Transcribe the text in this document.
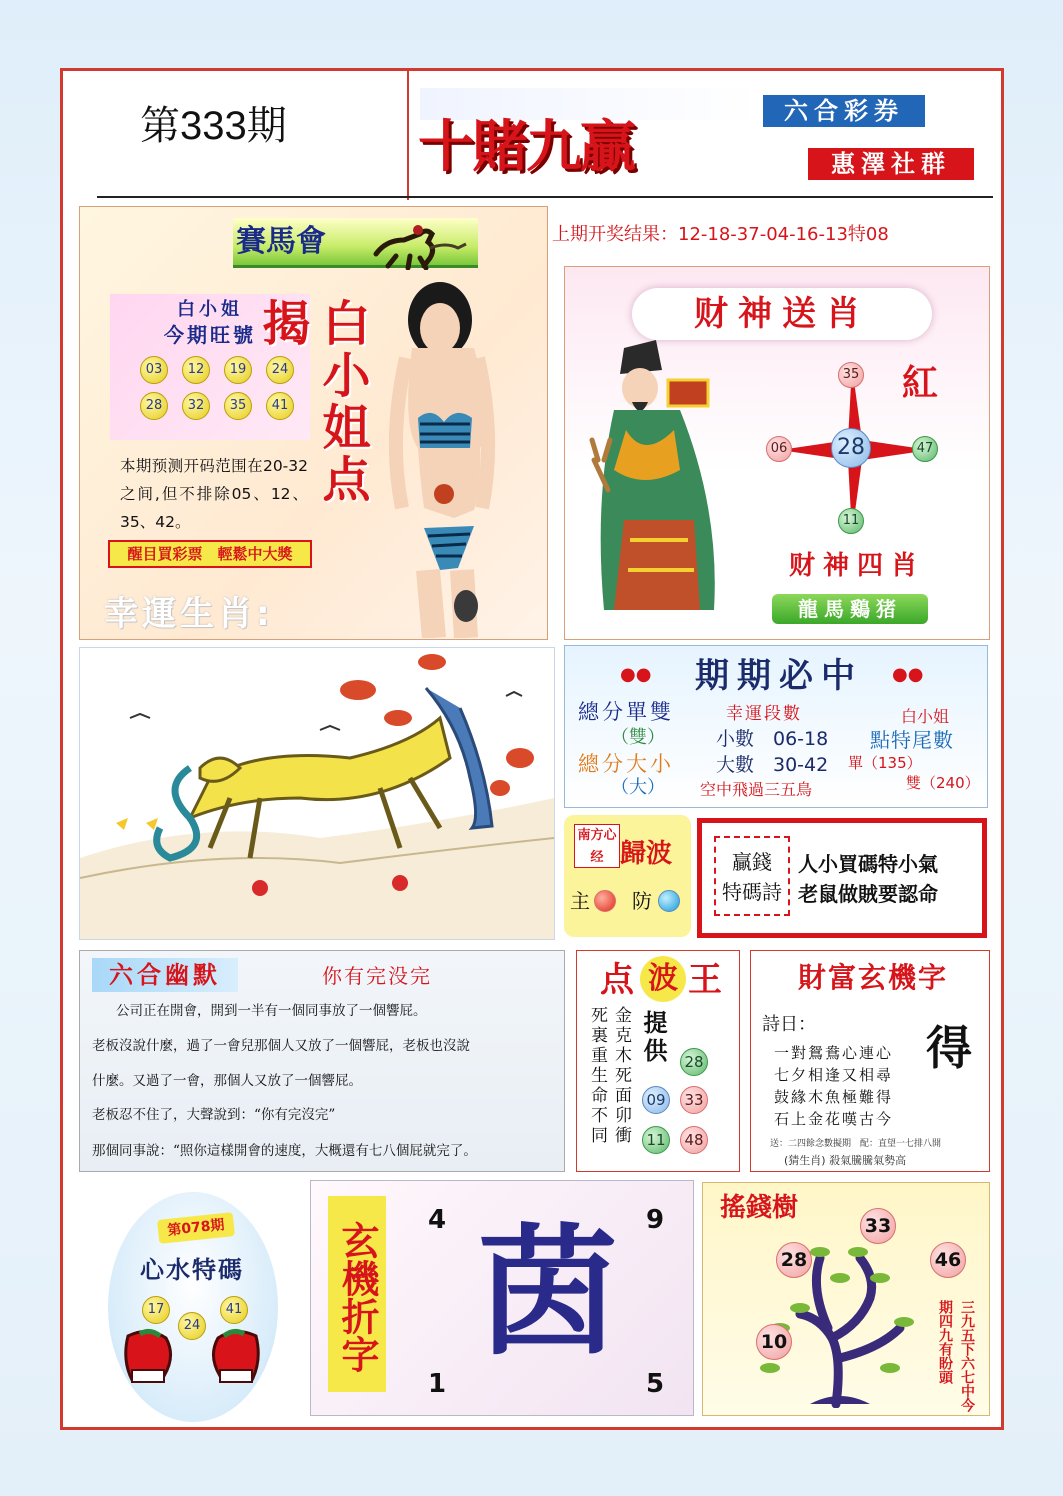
第333期	十賭九贏
六合彩券
惠澤社群
上期开奖结果：12-18-37-04-16-13特08
賽馬會
白小姐
今期旺號
03	12	19	24
28	32	35	41 白小姐点揭
本期预测开码范围在20-32之间,但不排除05、12、35、42。
醒目買彩票　輕鬆中大獎
幸運生肖:
财神送肖
28
35
06	47
11
紅
财神四肖
龍馬鷄猪
●●	●●
期期必中
總分單雙
（雙）
總分大小
（大）
幸運段數
小數　06-18
大數　30-42
空中飛過三五鳥
白小姐
點特尾數
單（135）
雙（240）
南方心经 歸波
主 防
贏錢
特碼詩
人小買碼特小氣
老鼠做賊要認命
六合幽默	你有完没完
公司正在開會，開到一半有一個同事放了一個響屁。
老板沒說什麼，過了一會兒那個人又放了一個響屁，老板也沒說
什麼。又過了一會，那個人又放了一個響屁。
老板忍不住了，大聲說到：“你有完沒完”
那個同事說：“照你這樣開會的速度，大概還有七八個屁就完了。
点 波 王
死裏重生命不同 金克木死面卯衝 提供 28
09 33
11 48
財富玄機字
詩日：
一對鴛鴦心連心
七夕相逢又相尋
鼓緣木魚極難得
石上金花嘆古今
得
送：二四餘念數擬期　配：直望一七排八開
(猜生肖) 殺氣騰騰氣勢高
第078期
心水特碼
17
24
41 玄機折字
4	9
1	5
茵
搖錢樹
33
28	46
10	三九五下六七中今期四九有盼頭
